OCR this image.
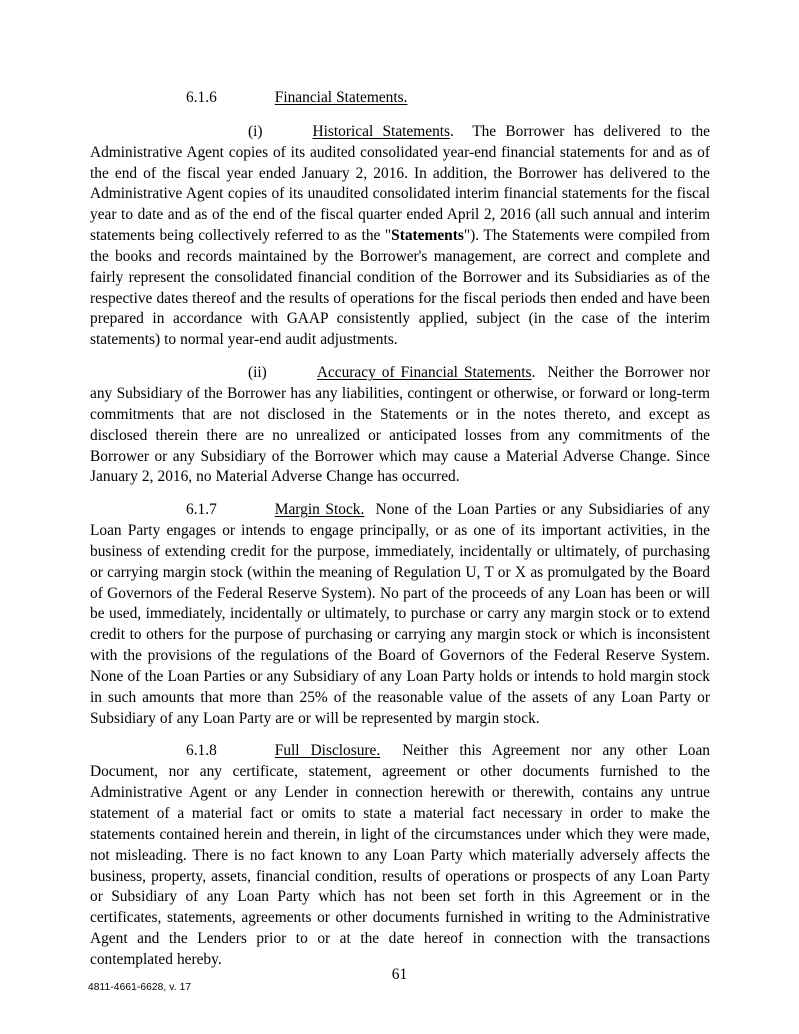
6.1.6	Financial Statements.

(i)	Historical Statements. The Borrower has delivered to the Administrative Agent copies of its audited consolidated year-end financial statements for and as of the end of the fiscal year ended January 2, 2016. In addition, the Borrower has delivered to the Administrative Agent copies of its unaudited consolidated interim financial statements for the fiscal year to date and as of the end of the fiscal quarter ended April 2, 2016 (all such annual and interim statements being collectively referred to as the "Statements"). The Statements were compiled from the books and records maintained by the Borrower's management, are correct and complete and fairly represent the consolidated financial condition of the Borrower and its Subsidiaries as of the respective dates thereof and the results of operations for the fiscal periods then ended and have been prepared in accordance with GAAP consistently applied, subject (in the case of the interim statements) to normal year-end audit adjustments.

(ii)	Accuracy of Financial Statements. Neither the Borrower nor any Subsidiary of the Borrower has any liabilities, contingent or otherwise, or forward or long-term commitments that are not disclosed in the Statements or in the notes thereto, and except as disclosed therein there are no unrealized or anticipated losses from any commitments of the Borrower or any Subsidiary of the Borrower which may cause a Material Adverse Change. Since January 2, 2016, no Material Adverse Change has occurred.

6.1.7	Margin Stock. None of the Loan Parties or any Subsidiaries of any Loan Party engages or intends to engage principally, or as one of its important activities, in the business of extending credit for the purpose, immediately, incidentally or ultimately, of purchasing or carrying margin stock (within the meaning of Regulation U, T or X as promulgated by the Board of Governors of the Federal Reserve System). No part of the proceeds of any Loan has been or will be used, immediately, incidentally or ultimately, to purchase or carry any margin stock or to extend credit to others for the purpose of purchasing or carrying any margin stock or which is inconsistent with the provisions of the regulations of the Board of Governors of the Federal Reserve System. None of the Loan Parties or any Subsidiary of any Loan Party holds or intends to hold margin stock in such amounts that more than 25% of the reasonable value of the assets of any Loan Party or Subsidiary of any Loan Party are or will be represented by margin stock.

6.1.8	Full Disclosure. Neither this Agreement nor any other Loan Document, nor any certificate, statement, agreement or other documents furnished to the Administrative Agent or any Lender in connection herewith or therewith, contains any untrue statement of a material fact or omits to state a material fact necessary in order to make the statements contained herein and therein, in light of the circumstances under which they were made, not misleading. There is no fact known to any Loan Party which materially adversely affects the business, property, assets, financial condition, results of operations or prospects of any Loan Party or Subsidiary of any Loan Party which has not been set forth in this Agreement or in the certificates, statements, agreements or other documents furnished in writing to the Administrative Agent and the Lenders prior to or at the date hereof in connection with the transactions contemplated hereby.

61
4811-4661-6628, v. 17
